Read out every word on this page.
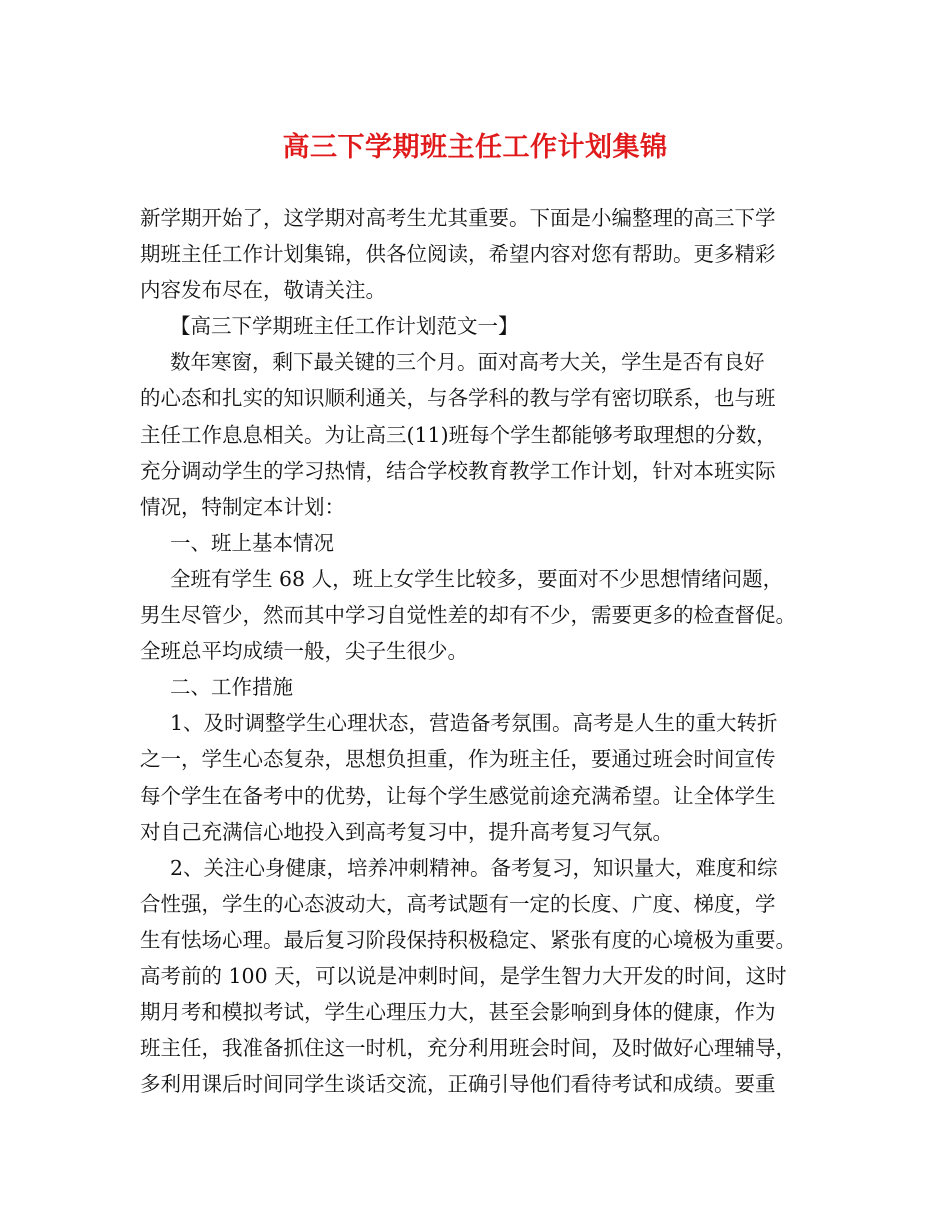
高三下学期班主任工作计划集锦
新学期开始了，这学期对高考生尤其重要。下面是小编整理的高三下学
期班主任工作计划集锦，供各位阅读，希望内容对您有帮助。更多精彩
内容发布尽在，敬请关注。
【高三下学期班主任工作计划范文一】
数年寒窗，剩下最关键的三个月。面对高考大关，学生是否有良好
的心态和扎实的知识顺利通关，与各学科的教与学有密切联系，也与班
主任工作息息相关。为让高三(11)班每个学生都能够考取理想的分数，
充分调动学生的学习热情，结合学校教育教学工作计划，针对本班实际
情况，特制定本计划：
一、班上基本情况
全班有学生 68 人，班上女学生比较多，要面对不少思想情绪问题，
男生尽管少，然而其中学习自觉性差的却有不少，需要更多的检查督促。
全班总平均成绩一般，尖子生很少。
二、工作措施
1、及时调整学生心理状态，营造备考氛围。高考是人生的重大转折
之一，学生心态复杂，思想负担重，作为班主任，要通过班会时间宣传
每个学生在备考中的优势，让每个学生感觉前途充满希望。让全体学生
对自己充满信心地投入到高考复习中，提升高考复习气氛。
2、关注心身健康，培养冲刺精神。备考复习，知识量大，难度和综
合性强，学生的心态波动大，高考试题有一定的长度、广度、梯度，学
生有怯场心理。最后复习阶段保持积极稳定、紧张有度的心境极为重要。
高考前的 100 天，可以说是冲刺时间，是学生智力大开发的时间，这时
期月考和模拟考试，学生心理压力大，甚至会影响到身体的健康，作为
班主任，我准备抓住这一时机，充分利用班会时间，及时做好心理辅导，
多利用课后时间同学生谈话交流，正确引导他们看待考试和成绩。要重
